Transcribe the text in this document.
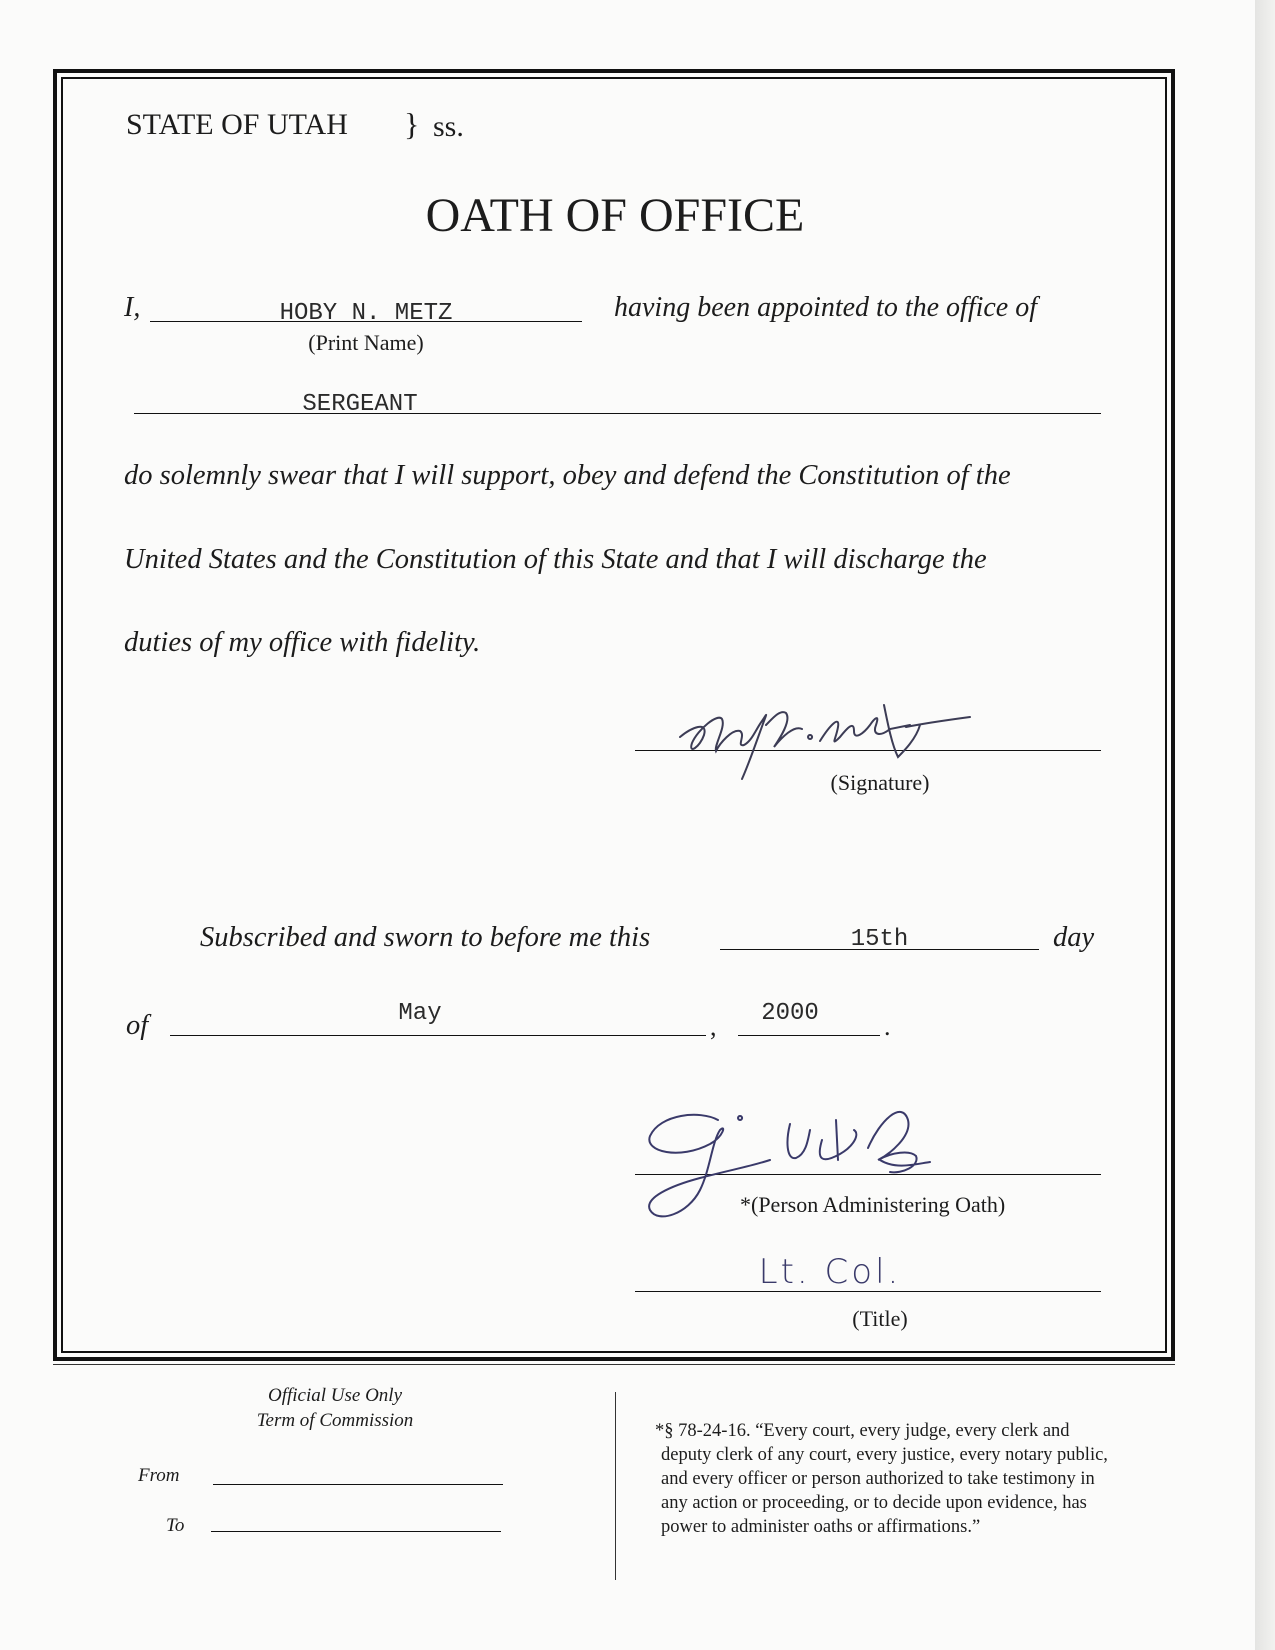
STATE OF UTAH } ss.
OATH OF OFFICE
I,	HOBY N. METZ	having been appointed to the office of
(Print Name)
SERGEANT
do solemnly swear that I will support, obey and defend the Constitution of the
United States and the Constitution of this State and that I will discharge the
duties of my office with fidelity.
(Signature)
Subscribed and sworn to before me this	15th	day
of	May	,	2000	.
*(Person Administering Oath)
Lt. Col.
(Title)
Official Use Only
Term of Commission
From
To
*§ 78-24-16. “Every court, every judge, every clerk and
deputy clerk of any court, every justice, every notary public,
and every officer or person authorized to take testimony in
any action or proceeding, or to decide upon evidence, has
power to administer oaths or affirmations.”
